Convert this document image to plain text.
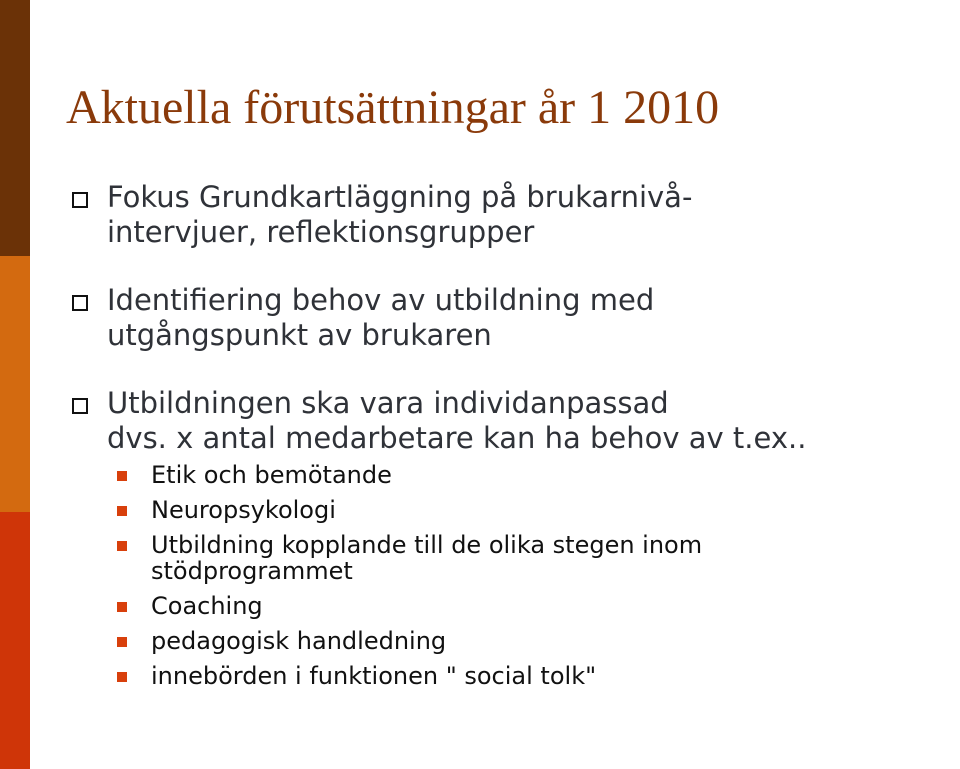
Aktuella förutsättningar år 1 2010
Fokus Grundkartläggning på brukarnivå-
intervjuer, reflektionsgrupper
Identifiering behov av utbildning med
utgångspunkt av brukaren
Utbildningen ska vara individanpassad
dvs. x antal medarbetare kan ha behov av t.ex..
Etik och bemötande
Neuropsykologi
Utbildning kopplande till de olika stegen inom
stödprogrammet
Coaching
pedagogisk handledning
innebörden i funktionen " social tolk"
